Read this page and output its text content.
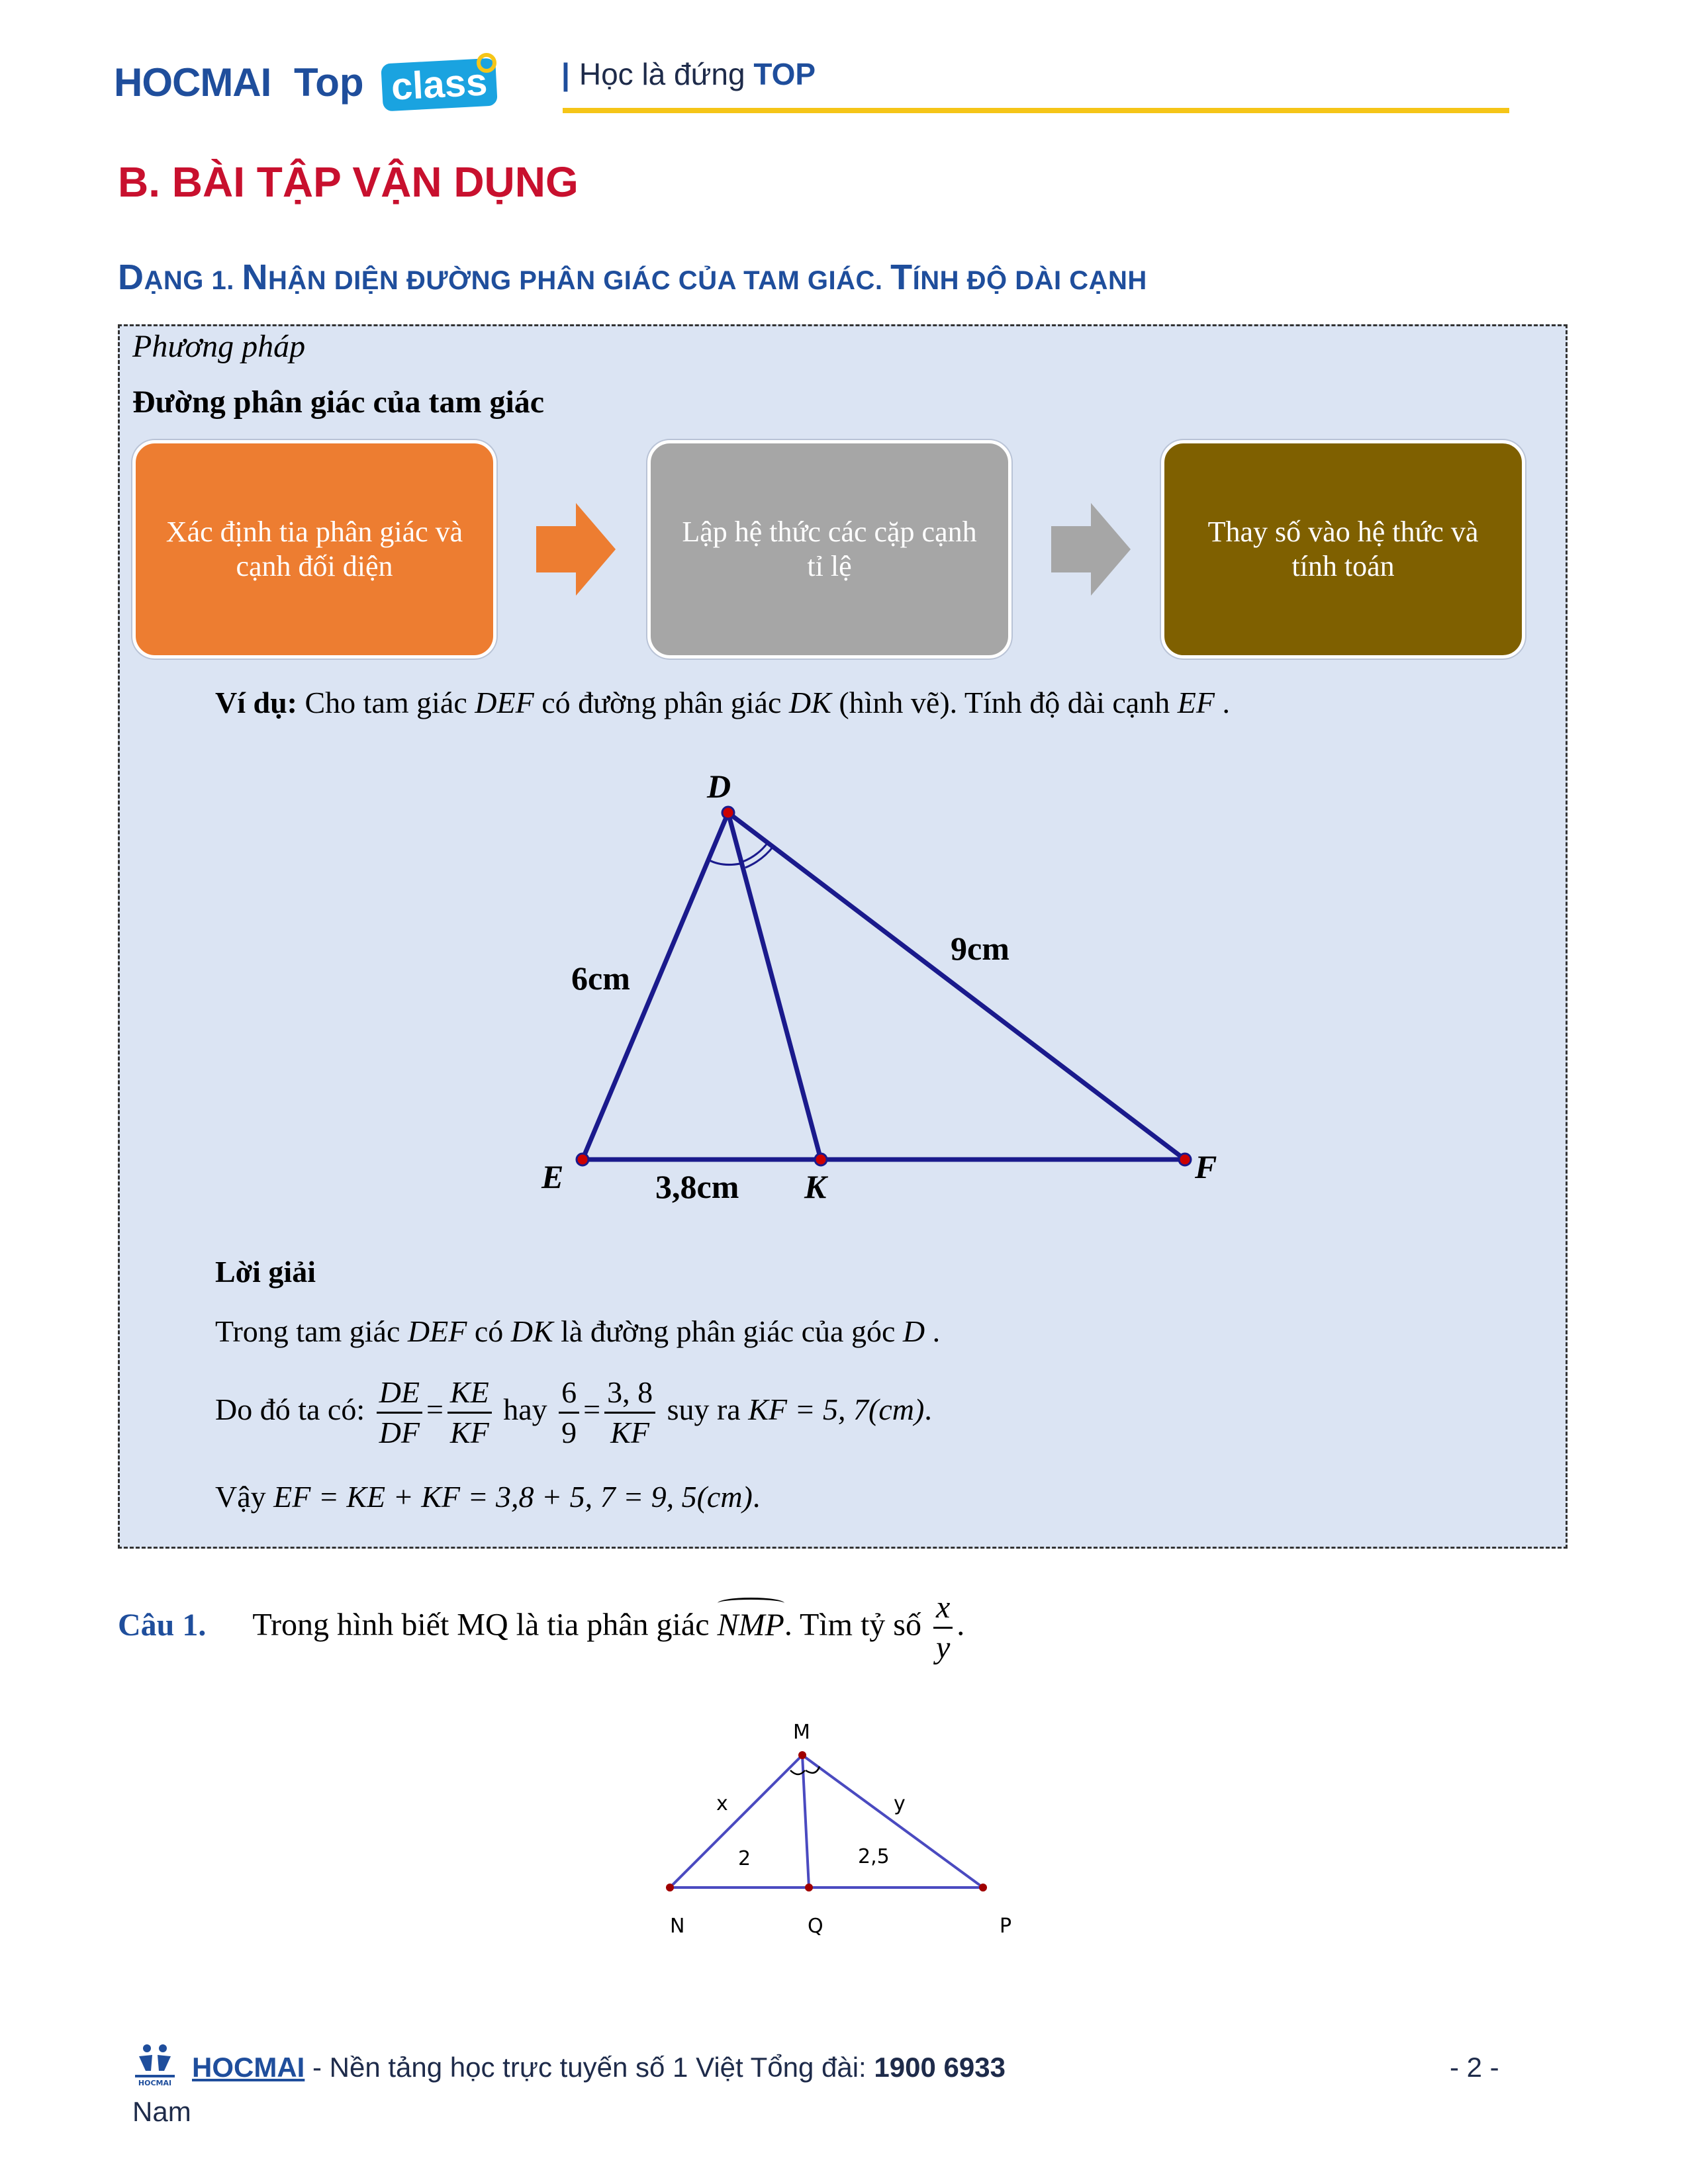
HOCMAI Top class	| Học là đứng TOP
B. BÀI TẬP VẬN DỤNG
DẠNG 1. NHẬN DIỆN ĐƯỜNG PHÂN GIÁC CỦA TAM GIÁC. TÍNH ĐỘ DÀI CẠNH
Phương pháp
Đường phân giác của tam giác
Xác định tia phân giác và cạnh đối diện
Lập hệ thức các cặp cạnh tỉ lệ
Thay số vào hệ thức và tính toán
Ví dụ: Cho tam giác DEF có đường phân giác DK (hình vẽ). Tính độ dài cạnh EF .
D
E	K
F
6cm
9cm
3,8cm
Lời giải
Trong tam giác DEF có DK là đường phân giác của góc D .
Do đó ta có: $\frac{DE}{DF} = \frac{KE}{KF}$ hay $\frac{6}{9} = \frac{3, 8}{KF}$ suy ra KF = 5, 7(cm).
Vậy EF = KE + KF = 3,8 + 5, 7 = 9, 5(cm).
Câu 1. Trong hình biết MQ là tia phân giác
NMP. Tìm tỷ số $\frac{x}{y}$ .
M
N	Q	P
x	y
2	2,5
HOCMAI
HOCMAI - Nền tảng học trực tuyến số 1 Việt Tổng đài: 1900 6933
Nam
- 2 -
